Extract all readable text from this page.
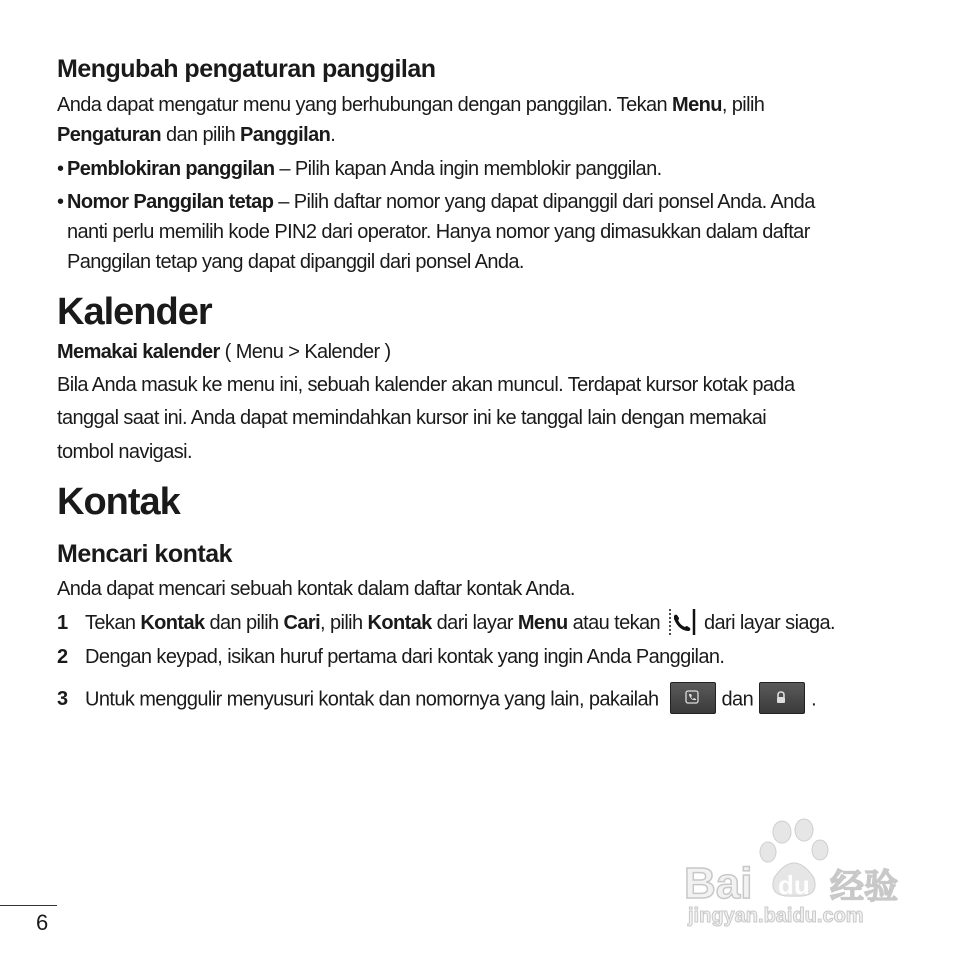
Mengubah pengaturan panggilan

Anda dapat mengatur menu yang berhubungan dengan panggilan. Tekan Menu, pilih

Pengaturan dan pilih Panggilan.

• Pemblokiran panggilan – Pilih kapan Anda ingin memblokir panggilan.

• Nomor Panggilan tetap – Pilih daftar nomor yang dapat dipanggil dari ponsel Anda. Anda

nanti perlu memilih kode PIN2 dari operator. Hanya nomor yang dimasukkan dalam daftar

Panggilan tetap yang dapat dipanggil dari ponsel Anda.

Kalender

Memakai kalender ( Menu > Kalender )

Bila Anda masuk ke menu ini, sebuah kalender akan muncul. Terdapat kursor kotak pada

tanggal saat ini. Anda dapat memindahkan kursor ini ke tanggal lain dengan memakai

tombol navigasi.

Kontak
Mencari kontak

Anda dapat mencari sebuah kontak dalam daftar kontak Anda.

1 Tekan Kontak dan pilih Cari, pilih Kontak dari layar Menu atau tekan  dari layar siaga.

2 Dengan keypad, isikan huruf pertama dari kontak yang ingin Anda Panggilan.

3 Untuk menggulir menyusuri kontak dan nomornya yang lain, pakailah	dan	.

6

Bai du 经验
jingyan.baidu.com
